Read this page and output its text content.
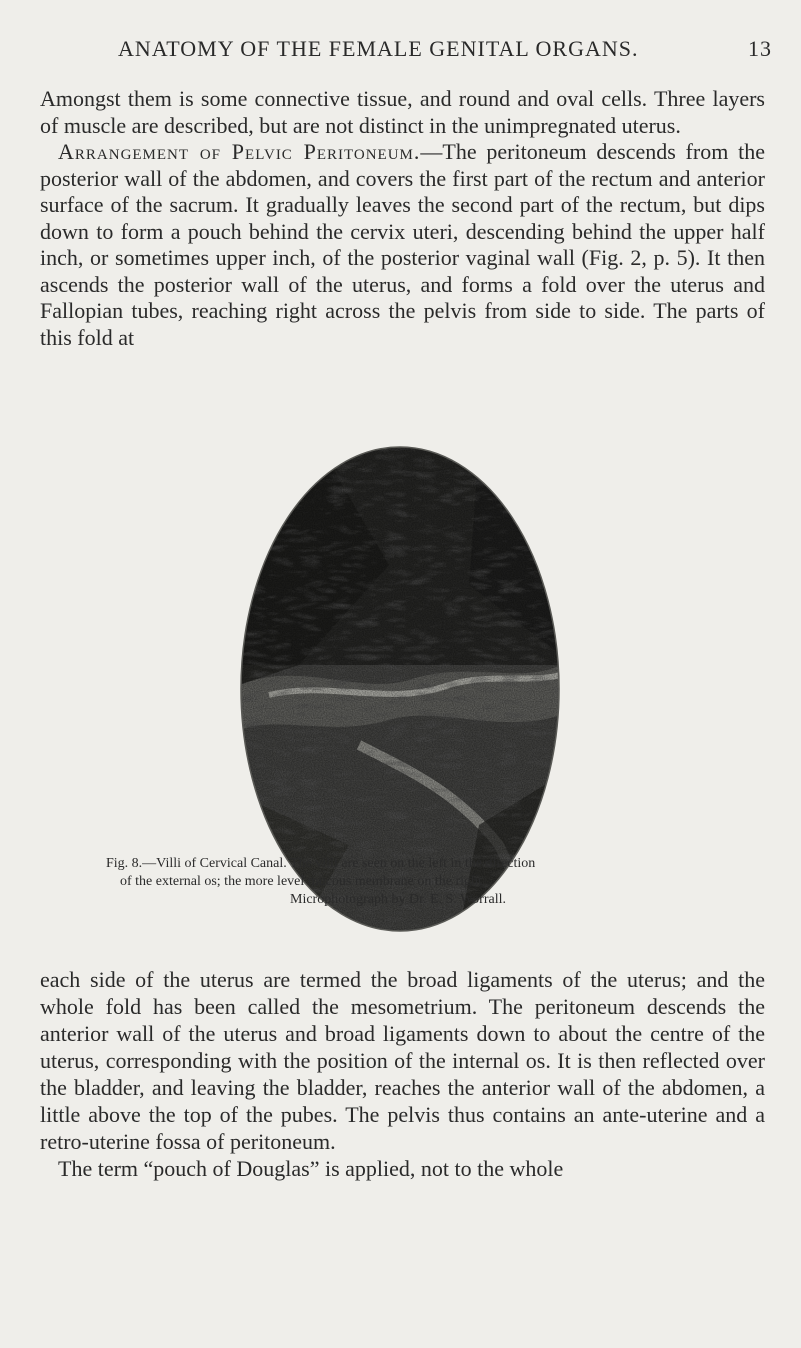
ANATOMY OF THE FEMALE GENITAL ORGANS.	13

Amongst them is some connective tissue, and round and oval cells. Three layers of muscle are described, but are not distinct in the unimpregnated uterus.

Arrangement of Pelvic Peritoneum.—The peritoneum descends from the posterior wall of the abdomen, and covers the first part of the rectum and anterior surface of the sacrum. It gradually leaves the second part of the rectum, but dips down to form a pouch behind the cervix uteri, descending behind the upper half inch, or sometimes upper inch, of the posterior vaginal wall (Fig. 2, p. 5). It then ascends the posterior wall of the uterus, and forms a fold over the uterus and Fallopian tubes, reaching right across the pelvis from side to side. The parts of this fold at

Fig. 8.—Villi of Cervical Canal. The villi are seen on the left in the direction
of the external os; the more level mucous membrane on the right.
Microphotograph by Dr. E. S. Worrall.

each side of the uterus are termed the broad ligaments of the uterus; and the whole fold has been called the mesometrium. The peritoneum descends the anterior wall of the uterus and broad ligaments down to about the centre of the uterus, corresponding with the position of the internal os. It is then reflected over the bladder, and leaving the bladder, reaches the anterior wall of the abdomen, a little above the top of the pubes. The pelvis thus contains an ante-uterine and a retro-uterine fossa of peritoneum.

The term “pouch of Douglas” is applied, not to the whole
